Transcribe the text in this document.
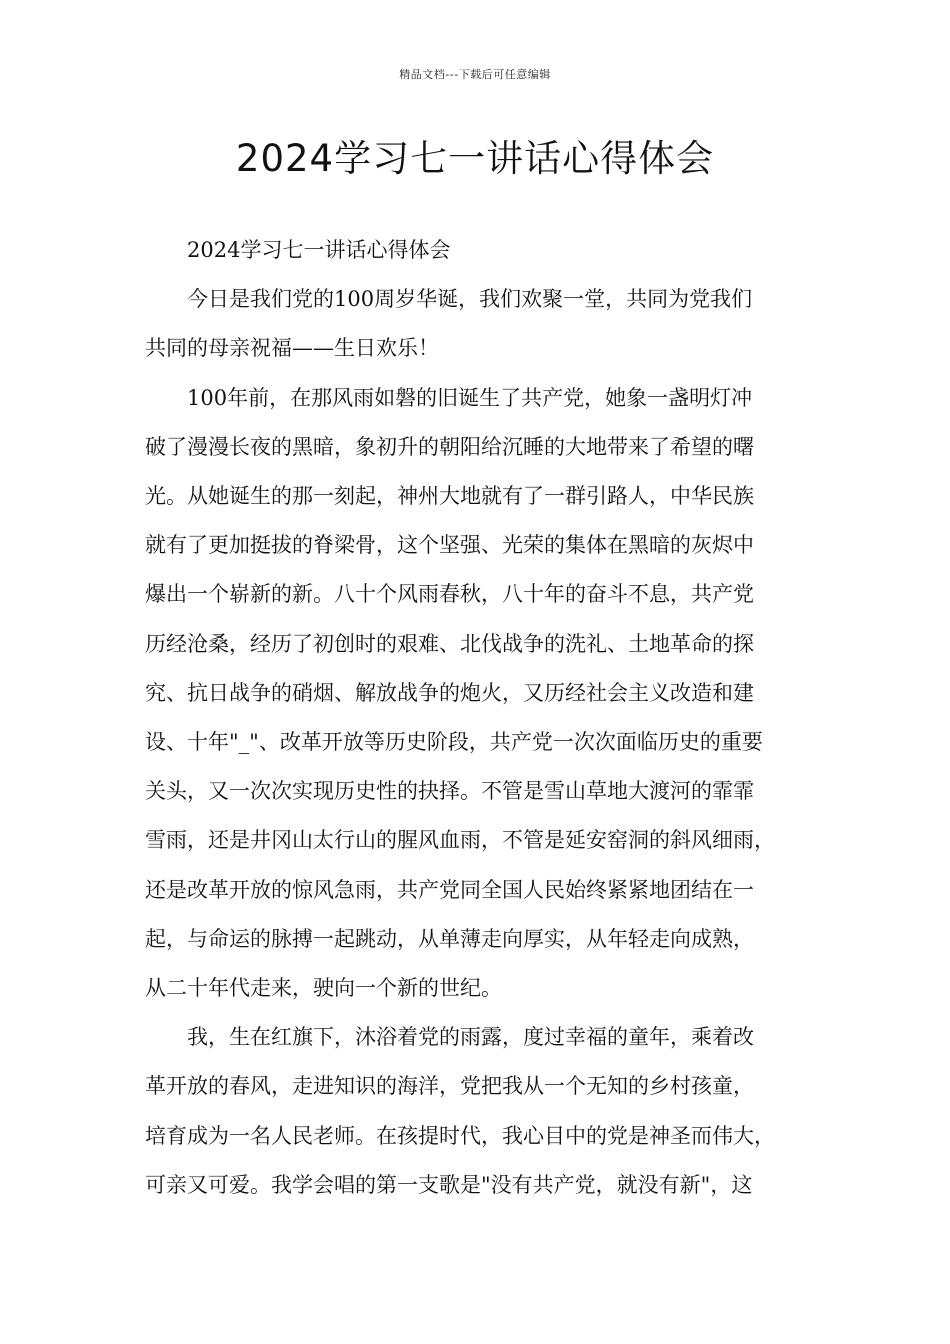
精品文档---下载后可任意编辑
2024学习七一讲话心得体会

2024学习七一讲话心得体会

今日是我们党的100周岁华诞，我们欢聚一堂，共同为党我们

共同的母亲祝福——生日欢乐！

100年前，在那风雨如磐的旧诞生了共产党，她象一盏明灯冲

破了漫漫长夜的黑暗，象初升的朝阳给沉睡的大地带来了希望的曙

光。从她诞生的那一刻起，神州大地就有了一群引路人，中华民族

就有了更加挺拔的脊梁骨，这个坚强、光荣的集体在黑暗的灰烬中

爆出一个崭新的新。八十个风雨春秋，八十年的奋斗不息，共产党

历经沧桑，经历了初创时的艰难、北伐战争的洗礼、土地革命的探

究、抗日战争的硝烟、解放战争的炮火，又历经社会主义改造和建

设、十年"_"、改革开放等历史阶段，共产党一次次面临历史的重要

关头，又一次次实现历史性的抉择。不管是雪山草地大渡河的霏霏

雪雨，还是井冈山太行山的腥风血雨，不管是延安窑洞的斜风细雨，

还是改革开放的惊风急雨，共产党同全国人民始终紧紧地团结在一

起，与命运的脉搏一起跳动，从单薄走向厚实，从年轻走向成熟，

从二十年代走来，驶向一个新的世纪。

我，生在红旗下，沐浴着党的雨露，度过幸福的童年，乘着改

革开放的春风，走进知识的海洋，党把我从一个无知的乡村孩童，

培育成为一名人民老师。在孩提时代，我心目中的党是神圣而伟大，

可亲又可爱。我学会唱的第一支歌是"没有共产党，就没有新"，这
